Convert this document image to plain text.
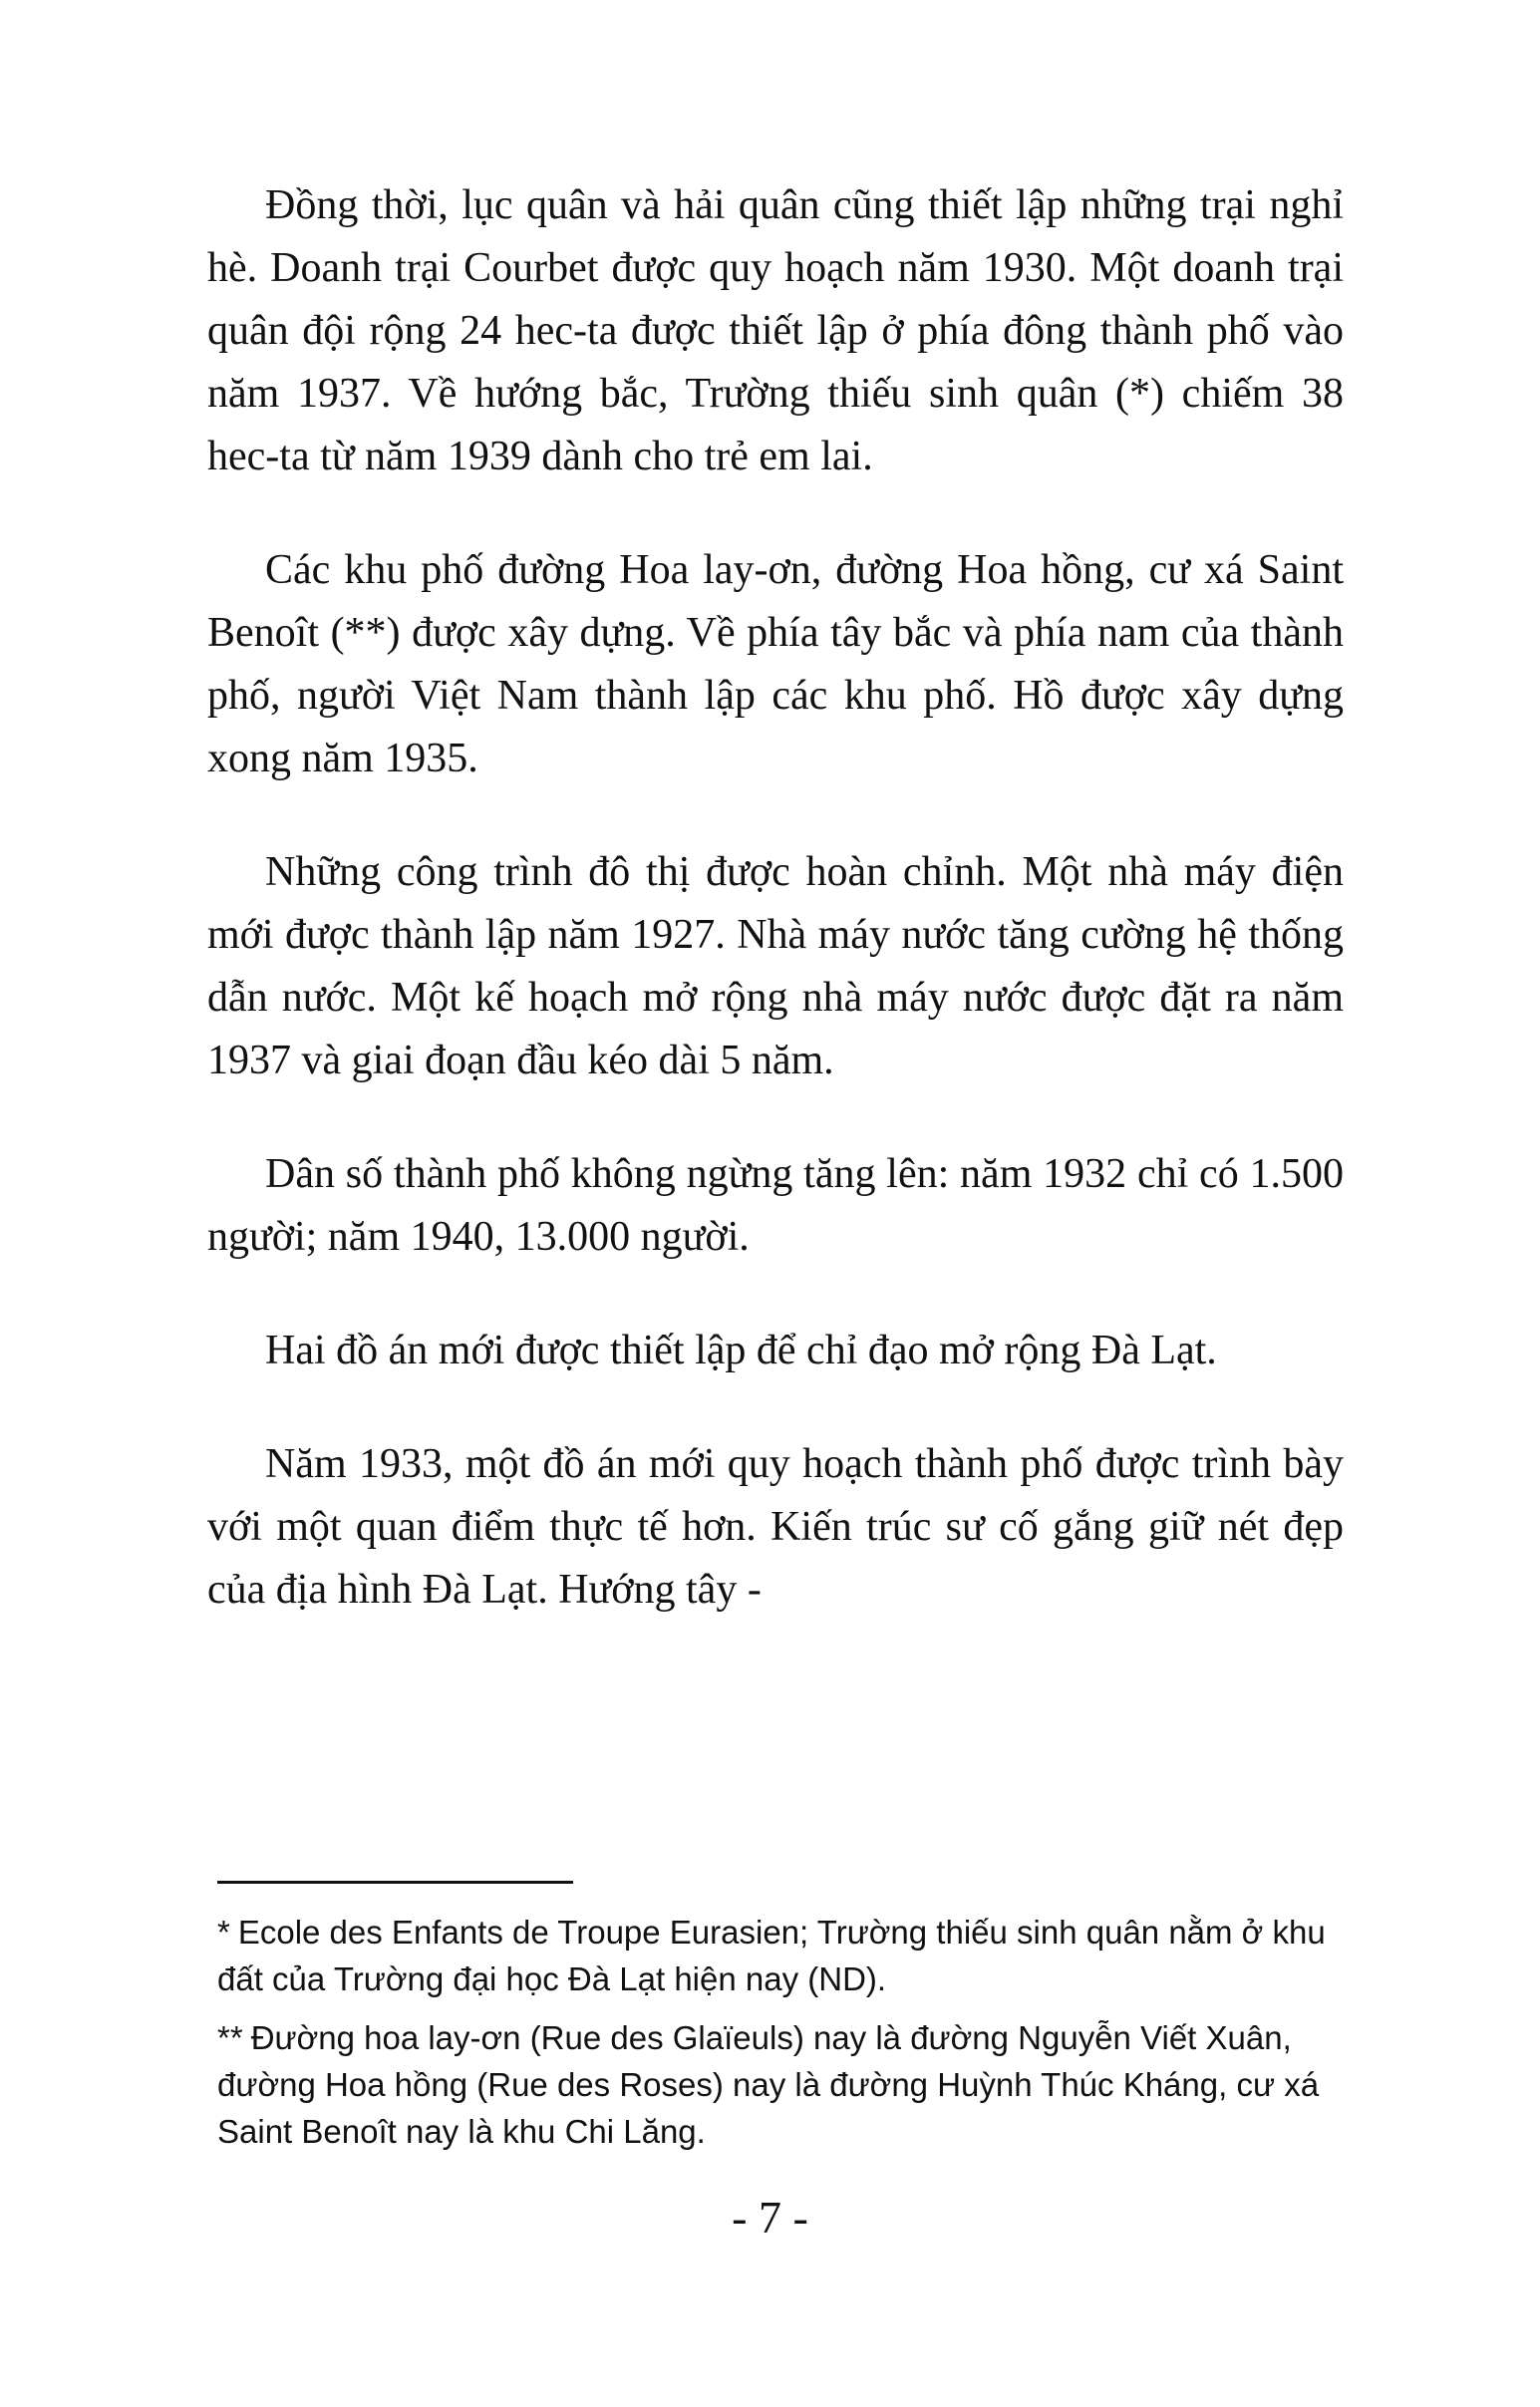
Đồng thời, lục quân và hải quân cũng thiết lập những trại nghỉ hè. Doanh trại Courbet được quy hoạch năm 1930. Một doanh trại quân đội rộng 24 hec-ta được thiết lập ở phía đông thành phố vào năm 1937. Về hướng bắc, Trường thiếu sinh quân (*) chiếm 38 hec-ta từ năm 1939 dành cho trẻ em lai.

Các khu phố đường Hoa lay-ơn, đường Hoa hồng, cư xá Saint Benoît (**) được xây dựng. Về phía tây bắc và phía nam của thành phố, người Việt Nam thành lập các khu phố. Hồ được xây dựng xong năm 1935.

Những công trình đô thị được hoàn chỉnh. Một nhà máy điện mới được thành lập năm 1927. Nhà máy nước tăng cường hệ thống dẫn nước. Một kế hoạch mở rộng nhà máy nước được đặt ra năm 1937 và giai đoạn đầu kéo dài 5 năm.

Dân số thành phố không ngừng tăng lên: năm 1932 chỉ có 1.500 người; năm 1940, 13.000 người.

Hai đồ án mới được thiết lập để chỉ đạo mở rộng Đà Lạt.

Năm 1933, một đồ án mới quy hoạch thành phố được trình bày với một quan điểm thực tế hơn. Kiến trúc sư cố gắng giữ nét đẹp của địa hình Đà Lạt. Hướng tây -

* Ecole des Enfants de Troupe Eurasien; Trường thiếu sinh quân nằm ở khu đất của Trường đại học Đà Lạt hiện nay (ND).

** Đường hoa lay-ơn (Rue des Glaïeuls) nay là đường Nguyễn Viết Xuân, đường Hoa hồng (Rue des Roses) nay là đường Huỳnh Thúc Kháng, cư xá Saint Benoît nay là khu Chi Lăng.

- 7 -
